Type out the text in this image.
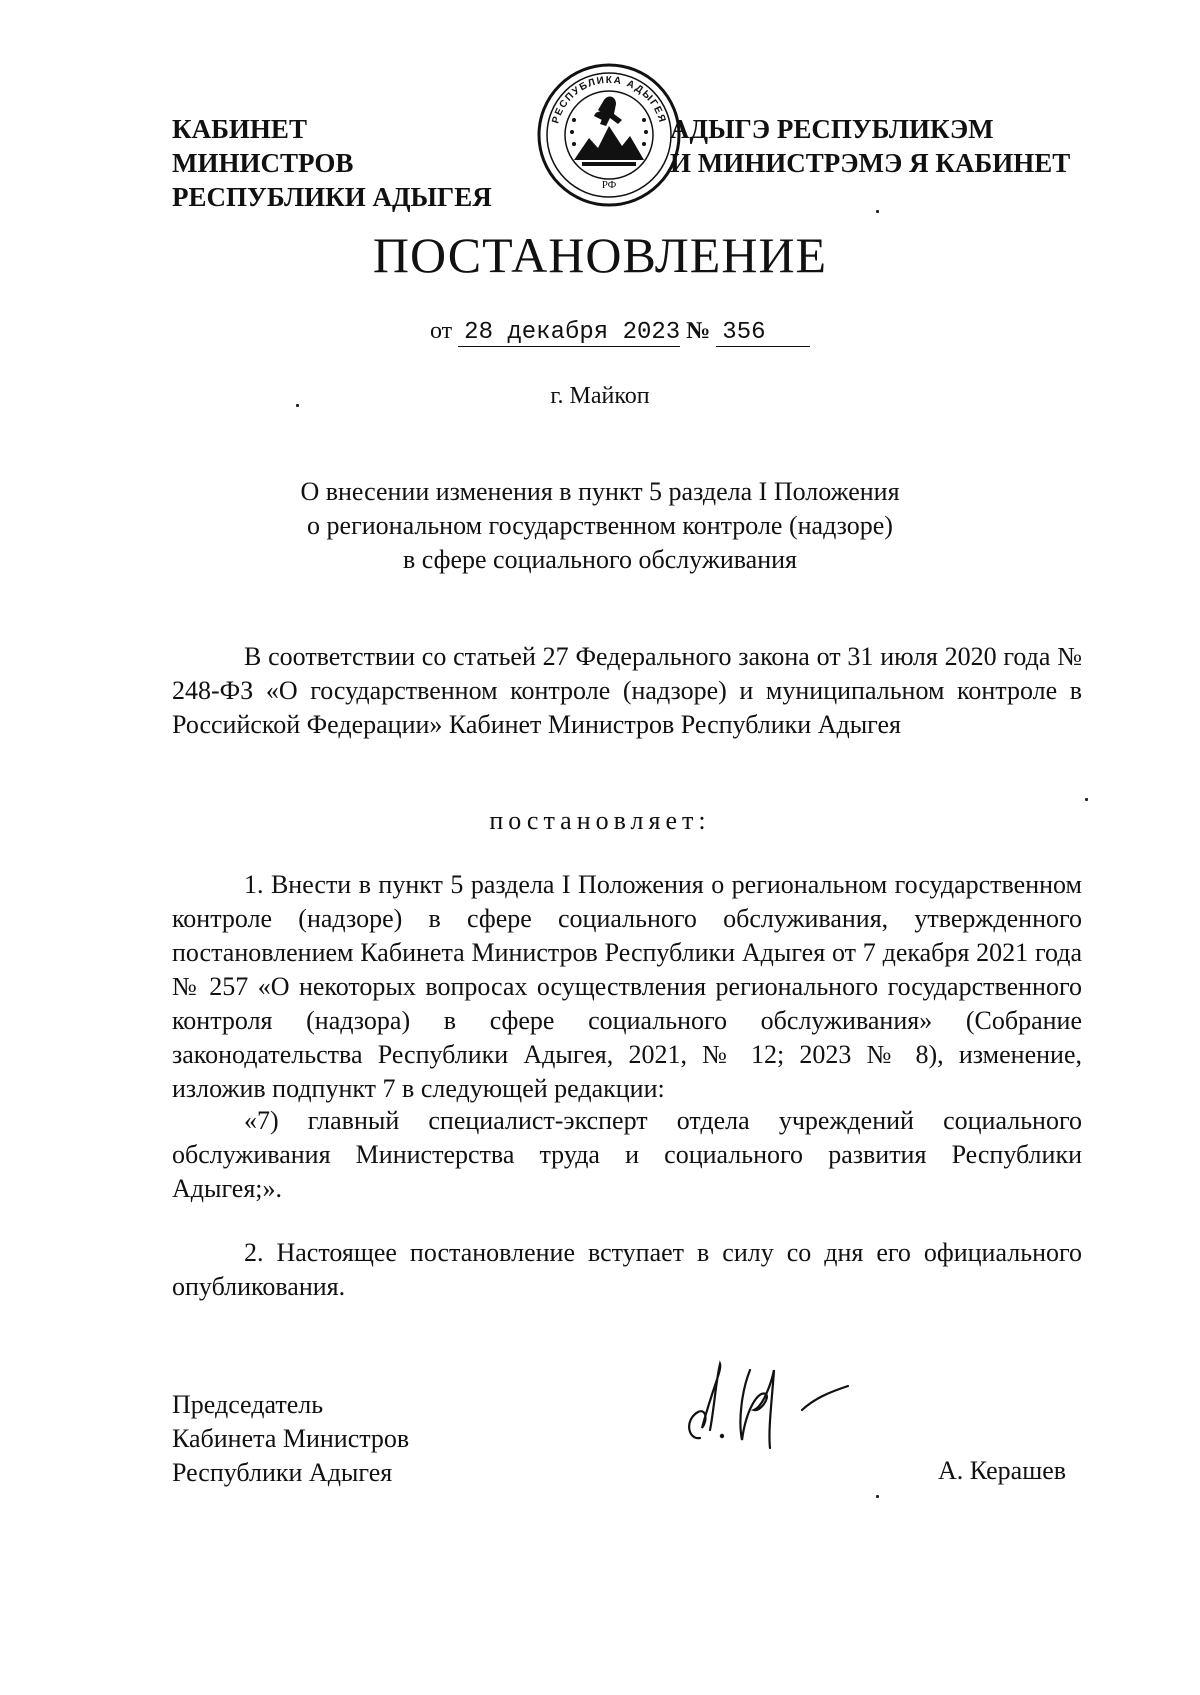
КАБИНЕТ МИНИСТРОВ
РЕСПУБЛИКИ АДЫГЕЯ
РЕСПУБЛИКА АДЫГЕЯ
РФ
АДЫГЭ РЕСПУБЛИКЭМ
И МИНИСТРЭМЭ Я КАБИНЕТ
ПОСТАНОВЛЕНИЕ
от 28 декабря 2023 № 356
г. Майкоп
О внесении изменения в пункт 5 раздела I Положения
о региональном государственном контроле (надзоре)
в сфере социального обслуживания
В соответствии со статьей 27 Федерального закона от 31 июля 2020 года № 248-ФЗ «О государственном контроле (надзоре) и муниципальном контроле в Российской Федерации» Кабинет Министров Республики Адыгея
постановляет:
1. Внести в пункт 5 раздела I Положения о региональном государственном контроле (надзоре) в сфере социального обслуживания, утвержденного постановлением Кабинета Министров Республики Адыгея от 7 декабря 2021 года № 257 «О некоторых вопросах осуществления регионального государственного контроля (надзора) в сфере социального обслуживания» (Собрание законодательства Республики Адыгея, 2021, № 12; 2023 № 8), изменение, изложив подпункт 7 в следующей редакции:
«7) главный специалист-эксперт отдела учреждений социального обслуживания Министерства труда и социального развития Республики Адыгея;».
2. Настоящее постановление вступает в силу со дня его официального опубликования.
Председатель
Кабинета Министров
Республики Адыгея	А. Керашев
